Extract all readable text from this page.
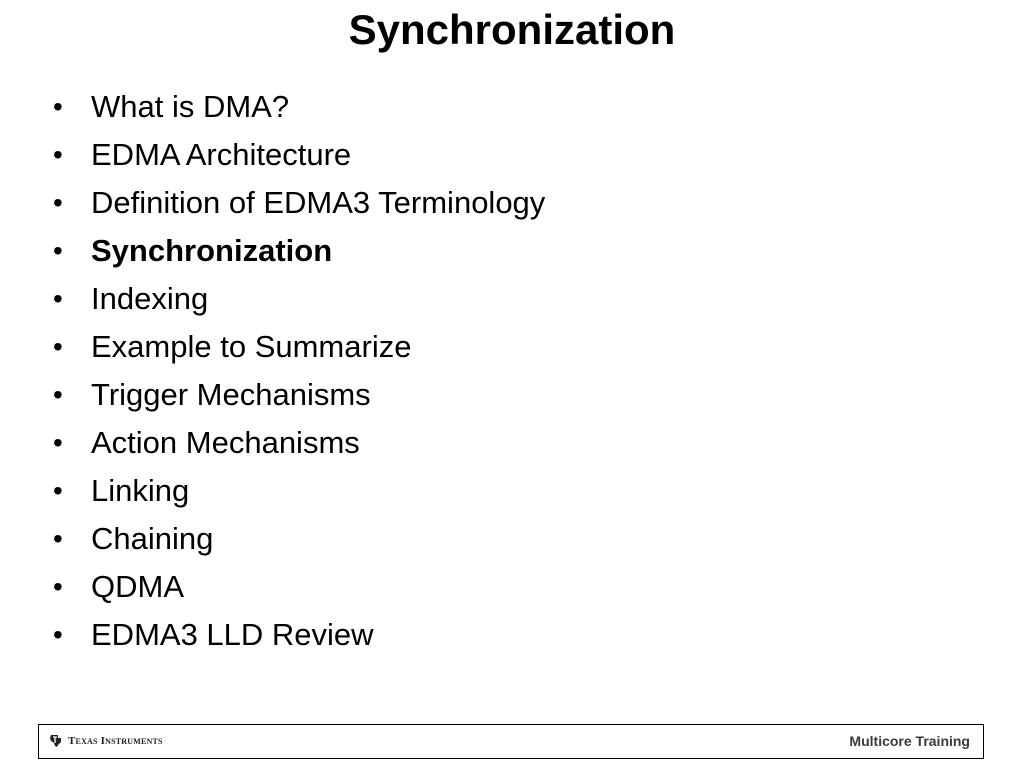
Synchronization
• What is DMA?
• EDMA Architecture
• Definition of EDMA3 Terminology
• Synchronization
• Indexing
• Example to Summarize
• Trigger Mechanisms
• Action Mechanisms
• Linking
• Chaining
• QDMA
• EDMA3 LLD Review
Texas Instruments	Multicore Training
